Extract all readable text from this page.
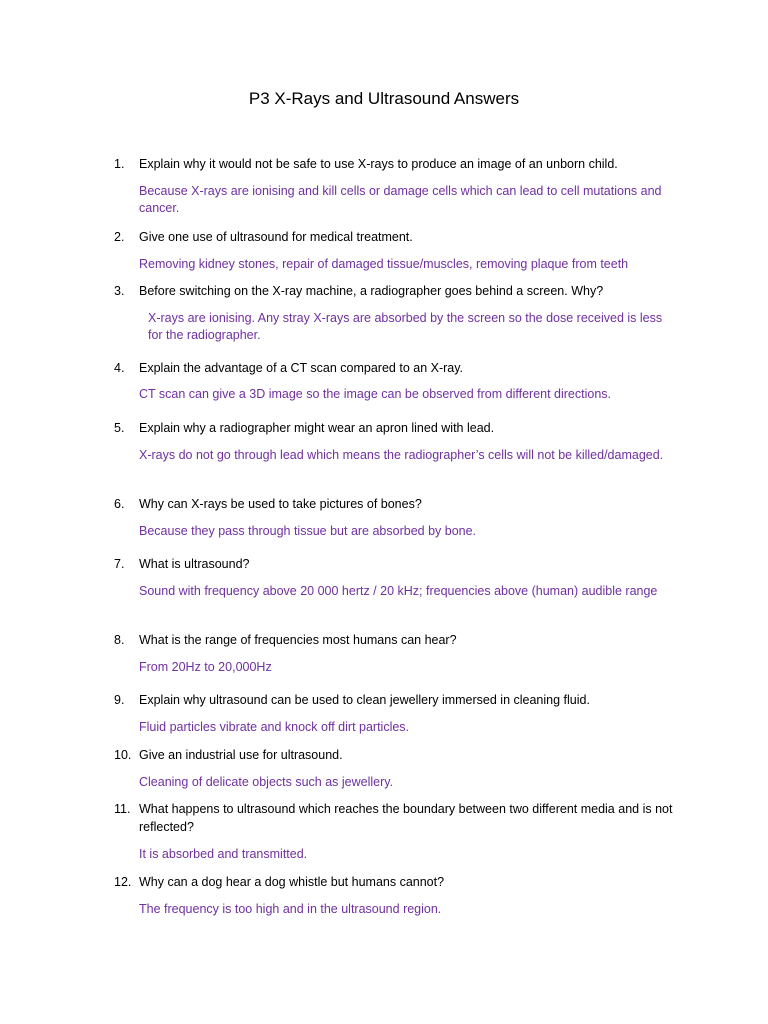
P3 X-Rays and Ultrasound Answers
1.	Explain why it would not be safe to use X-rays to produce an image of an unborn child.
Because X-rays are ionising and kill cells or damage cells which can lead to cell mutations and cancer.
2.	Give one use of ultrasound for medical treatment.
Removing kidney stones, repair of damaged tissue/muscles, removing plaque from teeth
3.	Before switching on the X-ray machine, a radiographer goes behind a screen. Why?
X-rays are ionising. Any stray X-rays are absorbed by the screen so the dose received is less for the radiographer.
4.	Explain the advantage of a CT scan compared to an X-ray.
CT scan can give a 3D image so the image can be observed from different directions.
5.	Explain why a radiographer might wear an apron lined with lead.
X-rays do not go through lead which means the radiographer’s cells will not be killed/damaged.
6.	Why can X-rays be used to take pictures of bones?
Because they pass through tissue but are absorbed by bone.
7.	What is ultrasound?
Sound with frequency above 20 000 hertz / 20 kHz; frequencies above (human) audible range
8.	What is the range of frequencies most humans can hear?
From 20Hz to 20,000Hz
9.	Explain why ultrasound can be used to clean jewellery immersed in cleaning fluid.
Fluid particles vibrate and knock off dirt particles.
10. Give an industrial use for ultrasound.
Cleaning of delicate objects such as jewellery.
11. What happens to ultrasound which reaches the boundary between two different media and is not reflected?
It is absorbed and transmitted.
12. Why can a dog hear a dog whistle but humans cannot?
The frequency is too high and in the ultrasound region.
